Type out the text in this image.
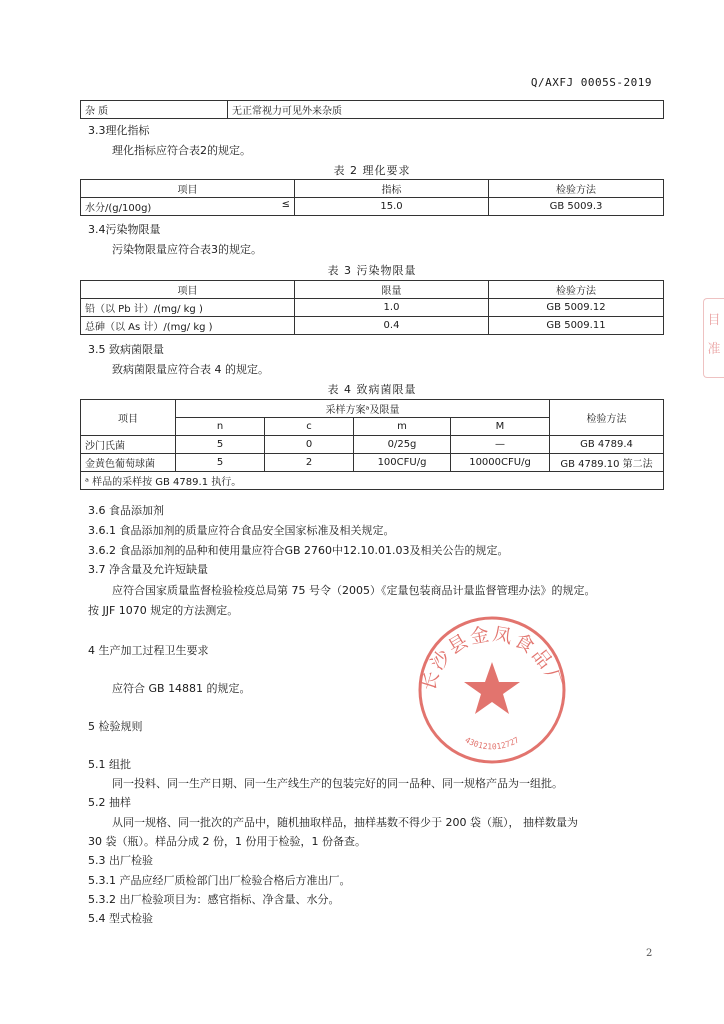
Q/AXFJ 0005S-2019
杂 质	无正常视力可见外来杂质
3.3理化指标
理化指标应符合表2的规定。
表 2 理化要求
项目	指标	检验方法
水分/(g/100g) ≤	15.0	GB 5009.3
3.4污染物限量
污染物限量应符合表3的规定。
表 3 污染物限量
项目	限量	检验方法
铅（以 Pb 计）/(mg/ kg )	1.0	GB 5009.12
总砷（以 As 计）/(mg/ kg )	0.4	GB 5009.11
3.5 致病菌限量
致病菌限量应符合表 4 的规定。
表 4 致病菌限量
项目	采样方案ᵃ及限量				检验方法
	n	c	m	M	
沙门氏菌	5	0	0/25g	—	GB 4789.4
金黄色葡萄球菌	5	2	100CFU/g	10000CFU/g	GB 4789.10 第二法
ᵃ 样品的采样按 GB 4789.1 执行。					
3.6 食品添加剂
3.6.1 食品添加剂的质量应符合食品安全国家标准及相关规定。
3.6.2 食品添加剂的品种和使用量应符合GB 2760中12.10.01.03及相关公告的规定。
3.7 净含量及允许短缺量
应符合国家质量监督检验检疫总局第 75 号令（2005）《定量包装商品计量监督管理办法》的规定。
按 JJF 1070 规定的方法测定。
4 生产加工过程卫生要求
应符合 GB 14881 的规定。
5 检验规则
5.1 组批
同一投料、同一生产日期、同一生产线生产的包装完好的同一品种、同一规格产品为一组批。
5.2 抽样
从同一规格、同一批次的产品中，随机抽取样品，抽样基数不得少于 200 袋（瓶）， 抽样数量为
30 袋（瓶）。样品分成 2 份，1 份用于检验，1 份备查。
5.3 出厂检验
5.3.1 产品应经厂质检部门出厂检验合格后方准出厂。
5.3.2 出厂检验项目为：感官指标、净含量、水分。
5.4 型式检验
长沙县金凤食品厂
430121012727
目
准
2
